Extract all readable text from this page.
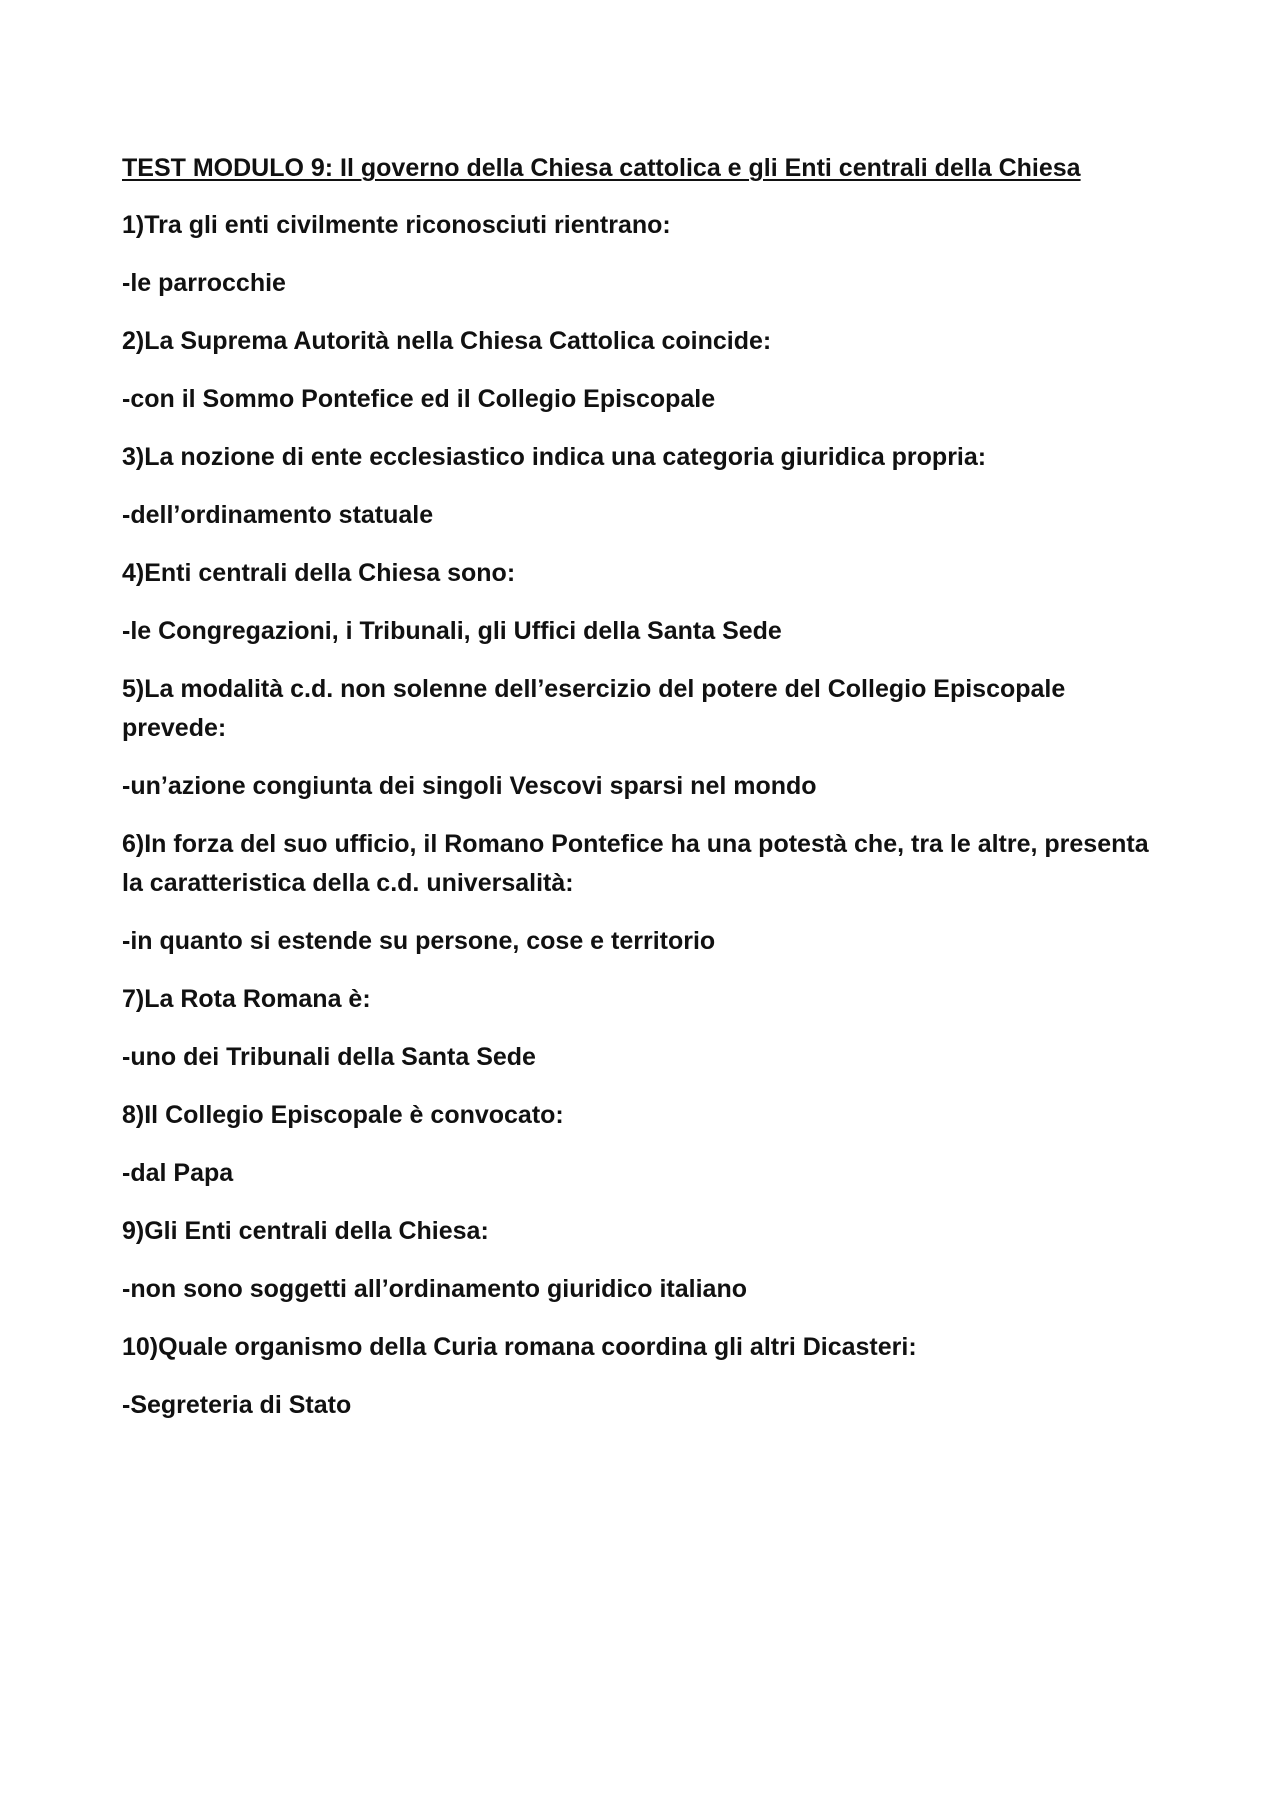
TEST MODULO 9: Il governo della Chiesa cattolica e gli Enti centrali della Chiesa
1)Tra gli enti civilmente riconosciuti rientrano:
-le parrocchie
2)La Suprema Autorità nella Chiesa Cattolica coincide:
-con il Sommo Pontefice ed il Collegio Episcopale
3)La nozione di ente ecclesiastico indica una categoria giuridica propria:
-dell’ordinamento statuale
4)Enti centrali della Chiesa sono:
-le Congregazioni, i Tribunali, gli Uffici della Santa Sede
5)La modalità c.d. non solenne dell’esercizio del potere del Collegio Episcopale prevede:
-un’azione congiunta dei singoli Vescovi sparsi nel mondo
6)In forza del suo ufficio, il Romano Pontefice ha una potestà che, tra le altre, presenta la caratteristica della c.d. universalità:
-in quanto si estende su persone, cose e territorio
7)La Rota Romana è:
-uno dei Tribunali della Santa Sede
8)Il Collegio Episcopale è convocato:
-dal Papa
9)Gli Enti centrali della Chiesa:
-non sono soggetti all’ordinamento giuridico italiano
10)Quale organismo della Curia romana coordina gli altri Dicasteri:
-Segreteria di Stato
